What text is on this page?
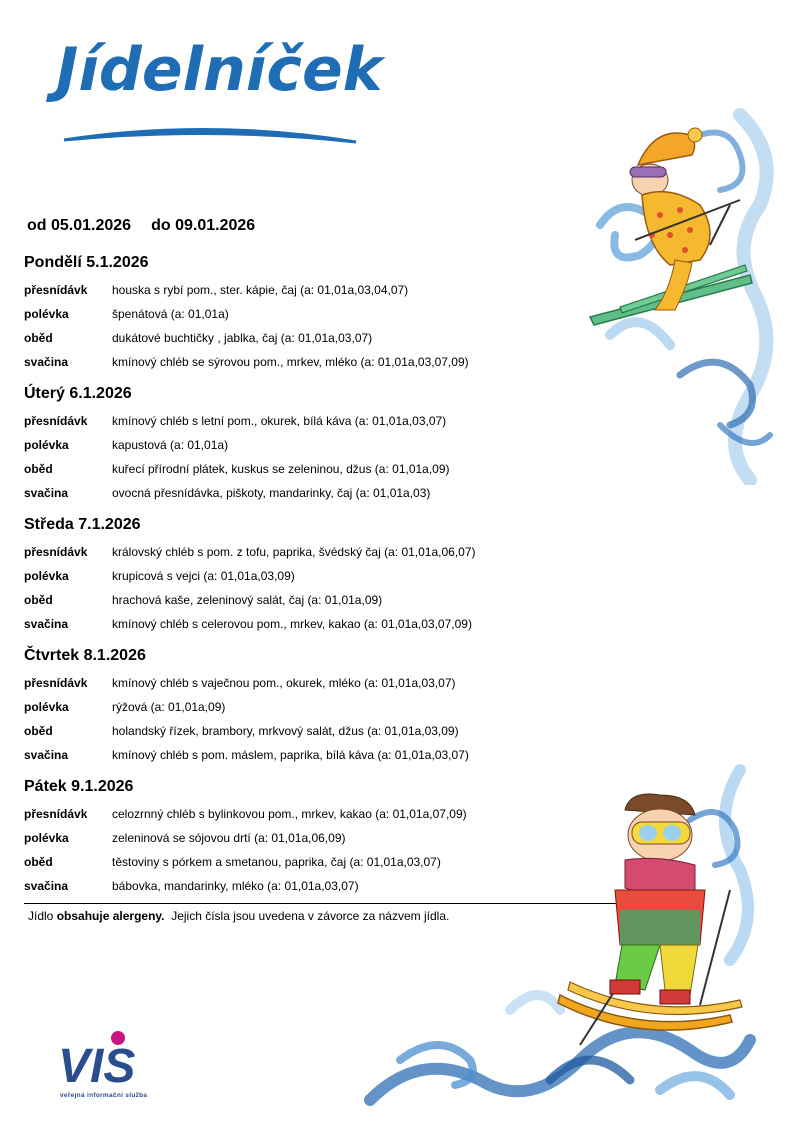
Jídelníček
od 05.01.2026 do 09.01.2026
Pondělí 5.1.2026
přesnídávk houska s rybí pom., ster. kápie, čaj (a: 01,01a,03,04,07)
polévka	špenátová (a: 01,01a)
oběd	dukátové buchtičky , jablka, čaj (a: 01,01a,03,07)
svačina	kmínový chléb se sýrovou pom., mrkev, mléko (a: 01,01a,03,07,09)
Úterý 6.1.2026
přesnídávk kmínový chléb s letní pom., okurek, bílá káva (a: 01,01a,03,07)
polévka	kapustová (a: 01,01a)
oběd	kuřecí přírodní plátek, kuskus se zeleninou, džus (a: 01,01a,09)
svačina	ovocná přesnídávka, piškoty, mandarinky, čaj (a: 01,01a,03)
Středa 7.1.2026
přesnídávk královský chléb s pom. z tofu, paprika, švédský čaj (a: 01,01a,06,07)
polévka	krupicová s vejci (a: 01,01a,03,09)
oběd	hrachová kaše, zeleninový salát, čaj (a: 01,01a,09)
svačina	kmínový chléb s celerovou pom., mrkev, kakao (a: 01,01a,03,07,09)
Čtvrtek 8.1.2026
přesnídávk kmínový chléb s vaječnou pom., okurek, mléko (a: 01,01a,03,07)
polévka	rýžová (a: 01,01a,09)
oběd	holandský řízek, brambory, mrkvový salát, džus (a: 01,01a,03,09)
svačina	kmínový chléb s pom. máslem, paprika, bílá káva (a: 01,01a,03,07)
Pátek 9.1.2026
přesnídávk celozrnný chléb s bylinkovou pom., mrkev, kakao (a: 01,01a,07,09)
polévka	zeleninová se sójovou drtí (a: 01,01a,06,09)
oběd	těstoviny s pórkem a smetanou, paprika, čaj (a: 01,01a,03,07)
svačina	bábovka, mandarinky, mléko (a: 01,01a,03,07)
Jídlo obsahuje alergeny. Jejich čísla jsou uvedena v závorce za názvem jídla.
VIS
veřejná informační služba
